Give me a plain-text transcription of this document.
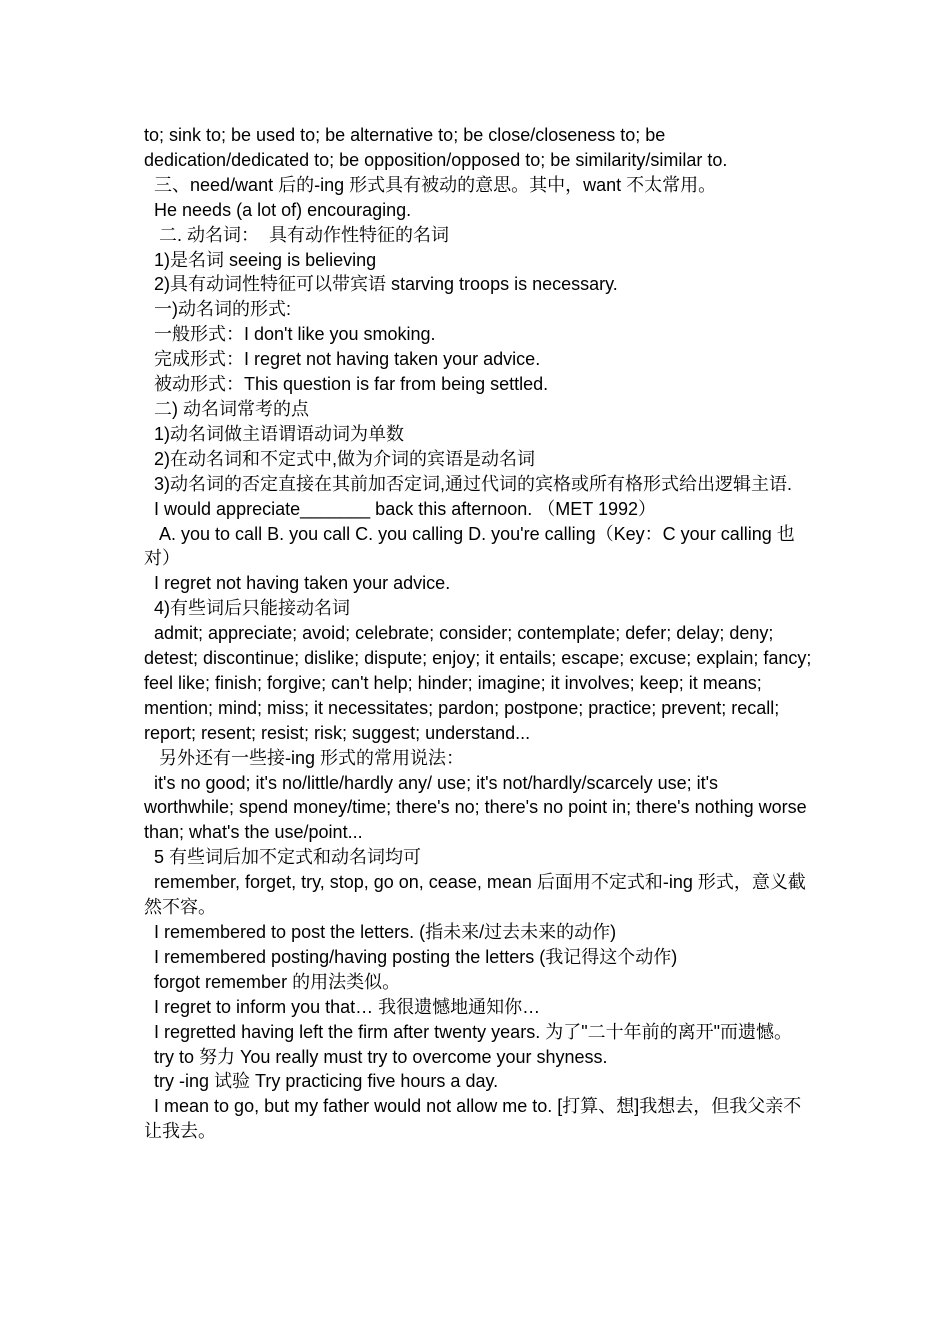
to; sink to; be used to; be alternative to; be close/closeness to; be dedication/dedicated to; be opposition/opposed to; be similarity/similar to.

三、need/want 后的-ing 形式具有被动的意思。其中，want 不太常用。

He needs (a lot of) encouraging.

二. 动名词：  具有动作性特征的名词

1)是名词 seeing is believing

2)具有动词性特征可以带宾语 starving troops is necessary.

一)动名词的形式:

一般形式：I don't like you smoking.

完成形式：I regret not having taken your advice.

被动形式：This question is far from being settled.

二) 动名词常考的点

1)动名词做主语谓语动词为单数

2)在动名词和不定式中,做为介词的宾语是动名词

3)动名词的否定直接在其前加否定词,通过代词的宾格或所有格形式给出逻辑主语.

I would appreciate_______ back this afternoon. （MET 1992）

A. you to call B. you call C. you calling D. you're calling（Key：C your calling 也对）

I regret not having taken your advice.

4)有些词后只能接动名词

admit; appreciate; avoid; celebrate; consider; contemplate; defer; delay; deny; detest; discontinue; dislike; dispute; enjoy; it entails; escape; excuse; explain; fancy; feel like; finish; forgive; can't help; hinder; imagine; it involves; keep; it means; mention; mind; miss; it necessitates; pardon; postpone; practice; prevent; recall; report; resent; resist; risk; suggest; understand...

另外还有一些接-ing 形式的常用说法：

it's no good; it's no/little/hardly any/ use; it's not/hardly/scarcely use; it's worthwhile; spend money/time; there's no; there's no point in; there's nothing worse than; what's the use/point...

5 有些词后加不定式和动名词均可

remember, forget, try, stop, go on, cease, mean 后面用不定式和-ing 形式，意义截然不容。

I remembered to post the letters. (指未来/过去未来的动作)

I remembered posting/having posting the letters (我记得这个动作)

forgot remember 的用法类似。

I regret to inform you that… 我很遗憾地通知你…

I regretted having left the firm after twenty years. 为了"二十年前的离开"而遗憾。

try to 努力 You really must try to overcome your shyness.

try -ing 试验 Try practicing five hours a day.

I mean to go, but my father would not allow me to. [打算、想]我想去，但我父亲不让我去。
